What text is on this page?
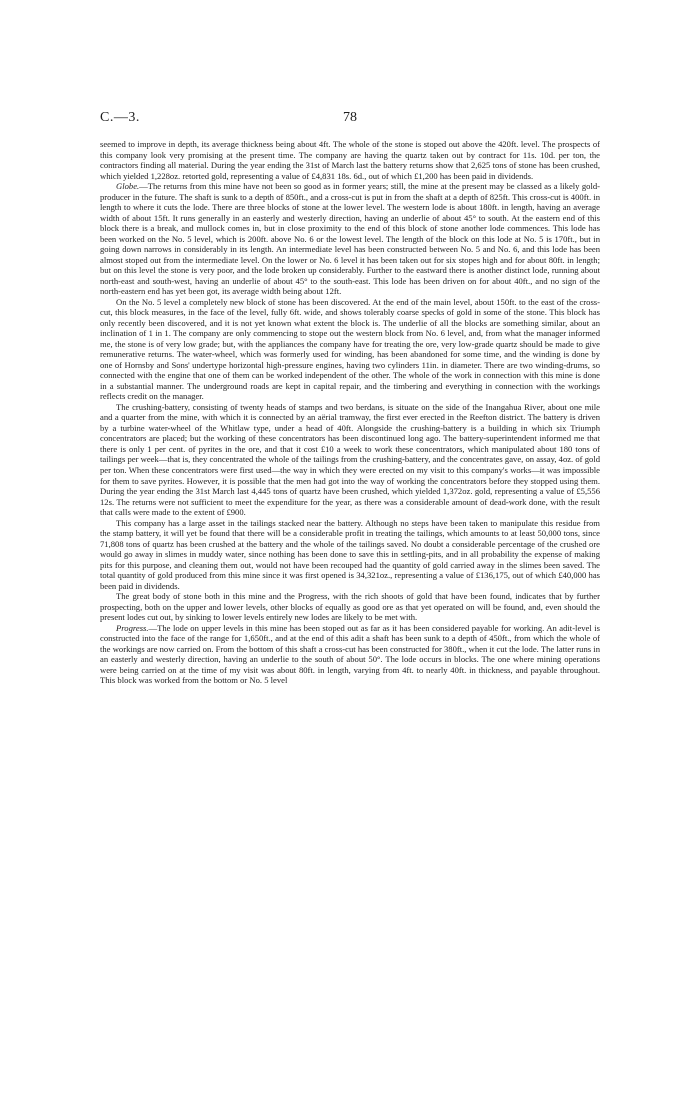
C.—3.	78

seemed to improve in depth, its average thickness being about 4ft. The whole of the stone is stoped out above the 420ft. level. The prospects of this company look very promising at the present time. The company are having the quartz taken out by contract for 11s. 10d. per ton, the contractors finding all material. During the year ending the 31st of March last the battery returns show that 2,625 tons of stone has been crushed, which yielded 1,228oz. retorted gold, representing a value of £4,831 18s. 6d., out of which £1,200 has been paid in dividends.

Globe.—The returns from this mine have not been so good as in former years; still, the mine at the present may be classed as a likely gold-producer in the future. The shaft is sunk to a depth of 850ft., and a cross-cut is put in from the shaft at a depth of 825ft. This cross-cut is 400ft. in length to where it cuts the lode. There are three blocks of stone at the lower level. The western lode is about 180ft. in length, having an average width of about 15ft. It runs generally in an easterly and westerly direction, having an underlie of about 45° to south. At the eastern end of this block there is a break, and mullock comes in, but in close proximity to the end of this block of stone another lode commences. This lode has been worked on the No. 5 level, which is 200ft. above No. 6 or the lowest level. The length of the block on this lode at No. 5 is 170ft., but in going down narrows in considerably in its length. An intermediate level has been constructed between No. 5 and No. 6, and this lode has been almost stoped out from the intermediate level. On the lower or No. 6 level it has been taken out for six stopes high and for about 80ft. in length; but on this level the stone is very poor, and the lode broken up considerably. Further to the eastward there is another distinct lode, running about north-east and south-west, having an underlie of about 45° to the south-east. This lode has been driven on for about 40ft., and no sign of the north-eastern end has yet been got, its average width being about 12ft.

On the No. 5 level a completely new block of stone has been discovered. At the end of the main level, about 150ft. to the east of the cross-cut, this block measures, in the face of the level, fully 6ft. wide, and shows tolerably coarse specks of gold in some of the stone. This block has only recently been discovered, and it is not yet known what extent the block is. The underlie of all the blocks are something similar, about an inclination of 1 in 1. The company are only commencing to stope out the western block from No. 6 level, and, from what the manager informed me, the stone is of very low grade; but, with the appliances the company have for treating the ore, very low-grade quartz should be made to give remunerative returns. The water-wheel, which was formerly used for winding, has been abandoned for some time, and the winding is done by one of Hornsby and Sons' undertype horizontal high-pressure engines, having two cylinders 11in. in diameter. There are two winding-drums, so connected with the engine that one of them can be worked independent of the other. The whole of the work in connection with this mine is done in a substantial manner. The underground roads are kept in capital repair, and the timbering and everything in connection with the workings reflects credit on the manager.

The crushing-battery, consisting of twenty heads of stamps and two berdans, is situate on the side of the Inangahua River, about one mile and a quarter from the mine, with which it is connected by an aërial tramway, the first ever erected in the Reefton district. The battery is driven by a turbine water-wheel of the Whitlaw type, under a head of 40ft. Alongside the crushing-battery is a building in which six Triumph concentrators are placed; but the working of these concentrators has been discontinued long ago. The battery-superintendent informed me that there is only 1 per cent. of pyrites in the ore, and that it cost £10 a week to work these concentrators, which manipulated about 180 tons of tailings per week—that is, they concentrated the whole of the tailings from the crushing-battery, and the concentrates gave, on assay, 4oz. of gold per ton. When these concentrators were first used—the way in which they were erected on my visit to this company's works—it was impossible for them to save pyrites. However, it is possible that the men had got into the way of working the concentrators before they stopped using them. During the year ending the 31st March last 4,445 tons of quartz have been crushed, which yielded 1,372oz. gold, representing a value of £5,556 12s. The returns were not sufficient to meet the expenditure for the year, as there was a considerable amount of dead-work done, with the result that calls were made to the extent of £900.

This company has a large asset in the tailings stacked near the battery. Although no steps have been taken to manipulate this residue from the stamp battery, it will yet be found that there will be a considerable profit in treating the tailings, which amounts to at least 50,000 tons, since 71,808 tons of quartz has been crushed at the battery and the whole of the tailings saved. No doubt a considerable percentage of the crushed ore would go away in slimes in muddy water, since nothing has been done to save this in settling-pits, and in all probability the expense of making pits for this purpose, and cleaning them out, would not have been recouped had the quantity of gold carried away in the slimes been saved. The total quantity of gold produced from this mine since it was first opened is 34,321oz., representing a value of £136,175, out of which £40,000 has been paid in dividends.

The great body of stone both in this mine and the Progress, with the rich shoots of gold that have been found, indicates that by further prospecting, both on the upper and lower levels, other blocks of equally as good ore as that yet operated on will be found, and, even should the present lodes cut out, by sinking to lower levels entirely new lodes are likely to be met with.

Progress.—The lode on upper levels in this mine has been stoped out as far as it has been considered payable for working. An adit-level is constructed into the face of the range for 1,650ft., and at the end of this adit a shaft has been sunk to a depth of 450ft., from which the whole of the workings are now carried on. From the bottom of this shaft a cross-cut has been constructed for 380ft., when it cut the lode. The latter runs in an easterly and westerly direction, having an underlie to the south of about 50°. The lode occurs in blocks. The one where mining operations were being carried on at the time of my visit was about 80ft. in length, varying from 4ft. to nearly 40ft. in thickness, and payable throughout. This block was worked from the bottom or No. 5 level
